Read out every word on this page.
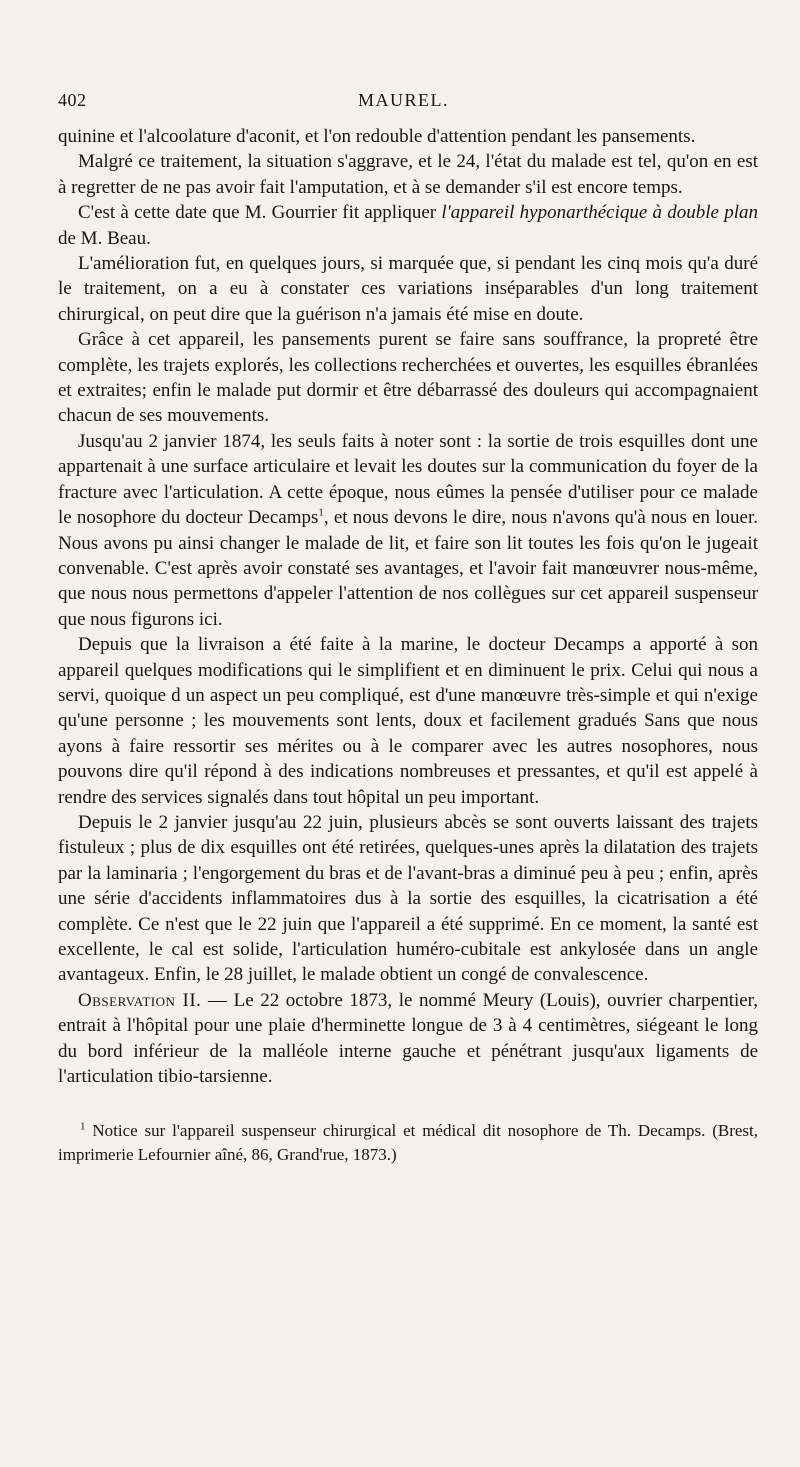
402	MAUREL.

quinine et l'alcoolature d'aconit, et l'on redouble d'attention pendant les pansements.

Malgré ce traitement, la situation s'aggrave, et le 24, l'état du malade est tel, qu'on en est à regretter de ne pas avoir fait l'amputation, et à se demander s'il est encore temps.

C'est à cette date que M. Gourrier fit appliquer l'appareil hyponarthécique à double plan de M. Beau.

L'amélioration fut, en quelques jours, si marquée que, si pendant les cinq mois qu'a duré le traitement, on a eu à constater ces variations inséparables d'un long traitement chirurgical, on peut dire que la guérison n'a jamais été mise en doute.

Grâce à cet appareil, les pansements purent se faire sans souffrance, la propreté être complète, les trajets explorés, les collections recherchées et ouvertes, les esquilles ébranlées et extraites; enfin le malade put dormir et être débarrassé des douleurs qui accompagnaient chacun de ses mouvements.

Jusqu'au 2 janvier 1874, les seuls faits à noter sont : la sortie de trois esquilles dont une appartenait à une surface articulaire et levait les doutes sur la communication du foyer de la fracture avec l'articulation. A cette époque, nous eûmes la pensée d'utiliser pour ce malade le nosophore du docteur Decamps$^1$, et nous devons le dire, nous n'avons qu'à nous en louer. Nous avons pu ainsi changer le malade de lit, et faire son lit toutes les fois qu'on le jugeait convenable. C'est après avoir constaté ses avantages, et l'avoir fait manœuvrer nous-même, que nous nous permettons d'appeler l'attention de nos collègues sur cet appareil suspenseur que nous figurons ici.

Depuis que la livraison a été faite à la marine, le docteur Decamps a apporté à son appareil quelques modifications qui le simplifient et en diminuent le prix. Celui qui nous a servi, quoique d un aspect un peu compliqué, est d'une manœuvre très-simple et qui n'exige qu'une personne ; les mouvements sont lents, doux et facilement gradués Sans que nous ayons à faire ressortir ses mérites ou à le comparer avec les autres nosophores, nous pouvons dire qu'il répond à des indications nombreuses et pressantes, et qu'il est appelé à rendre des services signalés dans tout hôpital un peu important.

Depuis le 2 janvier jusqu'au 22 juin, plusieurs abcès se sont ouverts laissant des trajets fistuleux ; plus de dix esquilles ont été retirées, quelques-unes après la dilatation des trajets par la laminaria ; l'engorgement du bras et de l'avant-bras a diminué peu à peu ; enfin, après une série d'accidents inflammatoires dus à la sortie des esquilles, la cicatrisation a été complète. Ce n'est que le 22 juin que l'appareil a été supprimé. En ce moment, la santé est excellente, le cal est solide, l'articulation huméro-cubitale est ankylosée dans un angle avantageux. Enfin, le 28 juillet, le malade obtient un congé de convalescence.

Observation II. — Le 22 octobre 1873, le nommé Meury (Louis), ouvrier charpentier, entrait à l'hôpital pour une plaie d'herminette longue de 3 à 4 centimètres, siégeant le long du bord inférieur de la malléole interne gauche et pénétrant jusqu'aux ligaments de l'articulation tibio-tarsienne.

$^1$ Notice sur l'appareil suspenseur chirurgical et médical dit nosophore de Th. Decamps. (Brest, imprimerie Lefournier aîné, 86, Grand'rue, 1873.)
